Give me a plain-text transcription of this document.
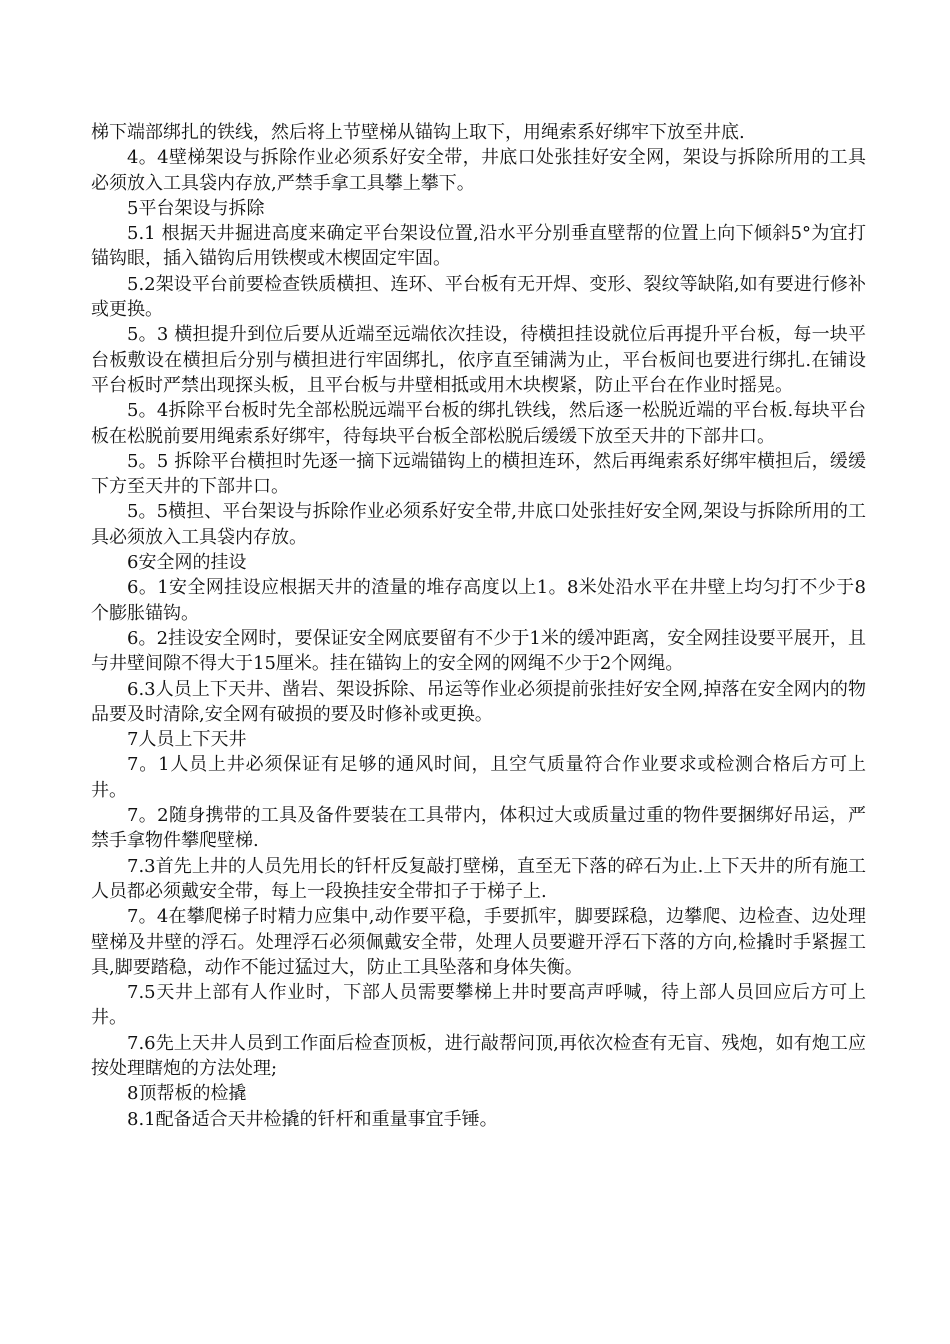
梯下端部绑扎的铁线，然后将上节壁梯从锚钩上取下，用绳索系好绑牢下放至井底.

4。4壁梯架设与拆除作业必须系好安全带，井底口处张挂好安全网，架设与拆除所用的工具必须放入工具袋内存放,严禁手拿工具攀上攀下。

5平台架设与拆除

5.1 根据天井掘进高度来确定平台架设位置,沿水平分别垂直壁帮的位置上向下倾斜5°为宜打锚钩眼，插入锚钩后用铁楔或木楔固定牢固。

5.2架设平台前要检查铁质横担、连环、平台板有无开焊、变形、裂纹等缺陷,如有要进行修补或更换。

5。3 横担提升到位后要从近端至远端依次挂设，待横担挂设就位后再提升平台板，每一块平台板敷设在横担后分别与横担进行牢固绑扎，依序直至铺满为止，平台板间也要进行绑扎.在铺设平台板时严禁出现探头板，且平台板与井壁相抵或用木块楔紧，防止平台在作业时摇晃。

5。4拆除平台板时先全部松脱远端平台板的绑扎铁线，然后逐一松脱近端的平台板.每块平台板在松脱前要用绳索系好绑牢，待每块平台板全部松脱后缓缓下放至天井的下部井口。

5。5 拆除平台横担时先逐一摘下远端锚钩上的横担连环，然后再绳索系好绑牢横担后，缓缓下方至天井的下部井口。

5。5横担、平台架设与拆除作业必须系好安全带,井底口处张挂好安全网,架设与拆除所用的工具必须放入工具袋内存放。

6安全网的挂设

6。1安全网挂设应根据天井的渣量的堆存高度以上1。8米处沿水平在井壁上均匀打不少于8个膨胀锚钩。

6。2挂设安全网时，要保证安全网底要留有不少于1米的缓冲距离，安全网挂设要平展开，且与井壁间隙不得大于15厘米。挂在锚钩上的安全网的网绳不少于2个网绳。

6.3人员上下天井、凿岩、架设拆除、吊运等作业必须提前张挂好安全网,掉落在安全网内的物品要及时清除,安全网有破损的要及时修补或更换。

7人员上下天井

7。1人员上井必须保证有足够的通风时间，且空气质量符合作业要求或检测合格后方可上井。

7。2随身携带的工具及备件要装在工具带内，体积过大或质量过重的物件要捆绑好吊运，严禁手拿物件攀爬壁梯.

7.3首先上井的人员先用长的钎杆反复敲打壁梯，直至无下落的碎石为止.上下天井的所有施工人员都必须戴安全带，每上一段换挂安全带扣子于梯子上.

7。4在攀爬梯子时精力应集中,动作要平稳，手要抓牢，脚要踩稳，边攀爬、边检查、边处理壁梯及井壁的浮石。处理浮石必须佩戴安全带，处理人员要避开浮石下落的方向,检撬时手紧握工具,脚要踏稳，动作不能过猛过大，防止工具坠落和身体失衡。

7.5天井上部有人作业时，下部人员需要攀梯上井时要高声呼喊，待上部人员回应后方可上井。

7.6先上天井人员到工作面后检查顶板，进行敲帮问顶,再依次检查有无盲、残炮，如有炮工应按处理瞎炮的方法处理;

8顶帮板的检撬

8.1配备适合天井检撬的钎杆和重量事宜手锤。
